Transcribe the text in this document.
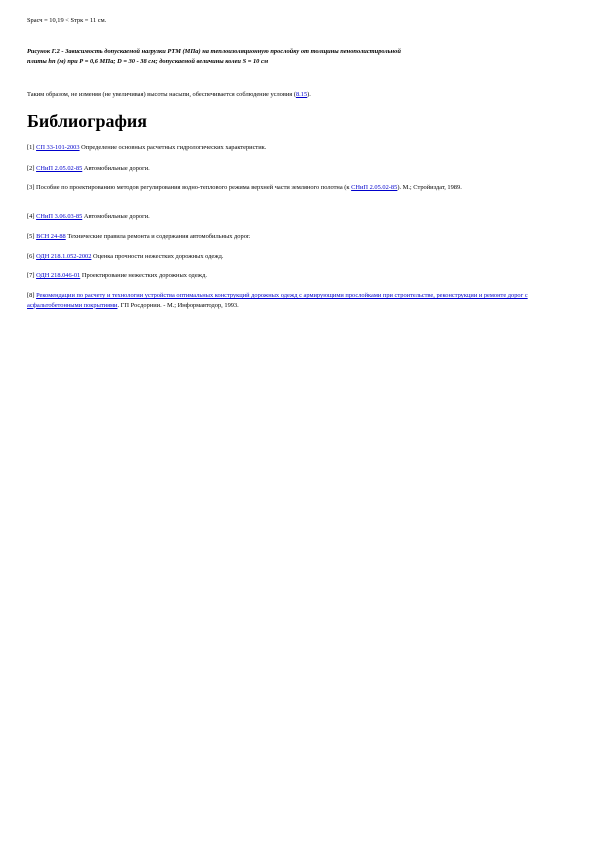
Sрасч = 10,19 < Sтрк = 11 см.

Рисунок Г.2 - Зависимость допускаемой нагрузки РТМ (МПа) на теплоизоляционную прослойку от толщины пенополистирольной плиты hп (м) при Р = 0,6 МПа; D = 30 - 38 см; допускаемой величины колеи S = 10 см

Таким образом, не изменяя (не увеличивая) высоты насыпи, обеспечивается соблюдение условия (8.15).

Библиография

[1] СП 33-101-2003 Определение основных расчетных гидрологических характеристик.

[2] СНиП 2.05.02-85 Автомобильные дороги.

[3] Пособие по проектированию методов регулирования водно-теплового режима верхней части земляного полотна (к СНиП 2.05.02-85). М.; Стройиздат, 1989.

[4] СНиП 3.06.03-85 Автомобильные дороги.

[5] ВСН 24-88 Технические правила ремонта и содержания автомобильных дорог.

[6] ОДН 218.1.052-2002 Оценка прочности нежестких дорожных одежд.

[7] ОДН 218.046-01 Проектирование нежестких дорожных одежд.

[8] Рекомендации по расчету и технологии устройства оптимальных конструкций дорожных одежд с армирующими прослойками при строительстве, реконструкции и ремонте дорог с асфальтобетонными покрытиями. ГП Росдорнии. - М.; Информавтодор, 1993.
